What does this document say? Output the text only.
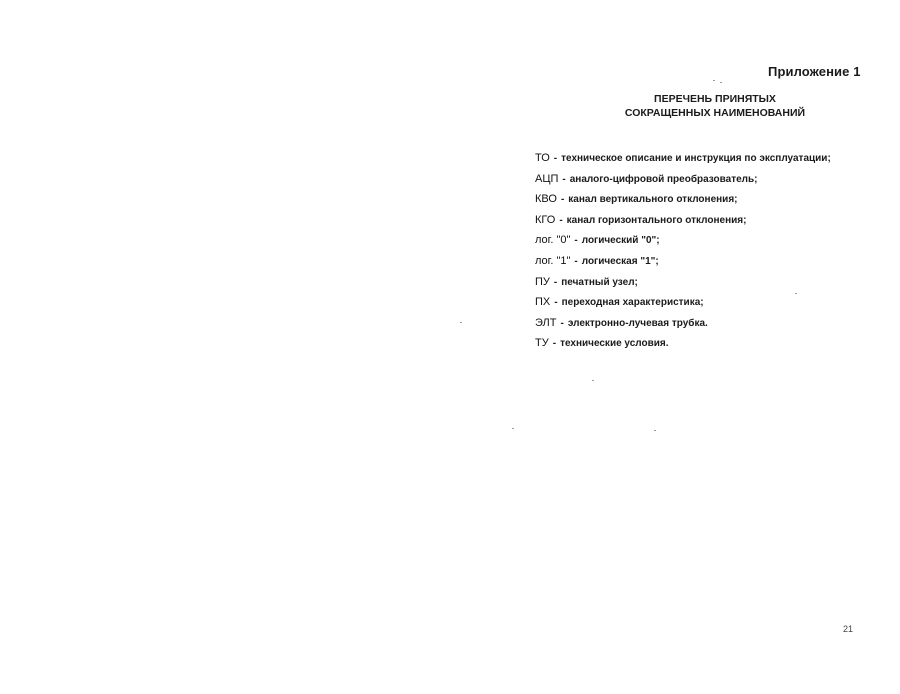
Приложение 1
ПЕРЕЧЕНЬ ПРИНЯТЫХ
СОКРАЩЕННЫХ НАИМЕНОВАНИЙ
ТО - техническое описание и инструкция по эксплуатации;
АЦП - аналого-цифровой преобразователь;
КВО - канал вертикального отклонения;
КГО - канал горизонтального отклонения;
лог. "0" - логический "0";
лог. "1" - логическая "1";
ПУ - печатный узел;
ПХ - переходная характеристика;
ЭЛТ - электронно-лучевая трубка.
ТУ - технические условия.
21
